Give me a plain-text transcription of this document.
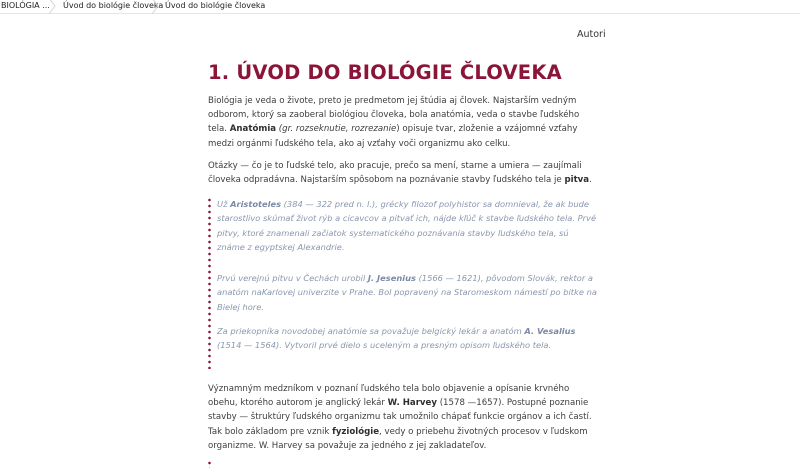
BIOLÓGIA ... Úvod do biológie človeka Úvod do biológie človeka
Autori
1. ÚVOD DO BIOLÓGIE ČLOVEKA

Biológia je veda o živote, preto je predmetom jej štúdia aj človek. Najstarším vedným odborom, ktorý sa zaoberal biológiou človeka, bola anatómia, veda o stavbe ľudského tela. Anatómia (gr. rozseknutie, rozrezanie) opisuje tvar, zloženie a vzájomné vzťahy medzi orgánmi ľudského tela, ako aj vzťahy voči organizmu ako celku.

Otázky — čo je to ľudské telo, ako pracuje, prečo sa mení, starne a umiera — zaujímali človeka odpradávna. Najstarším spôsobom na poznávanie stavby ľudského tela je pitva.

Už Aristoteles (384 — 322 pred n. l.), grécky filozof polyhistor sa domnieval, že ak bude starostlivo skúmať život rýb a cicavcov a pitvať ich, nájde kľúč k stavbe ľudského tela. Prvé pitvy, ktoré znamenali začiatok systematického poznávania stavby ľudského tela, sú známe z egyptskej Alexandrie.

Prvú verejnú pitvu v Čechách urobil J. Jesenius (1566 — 1621), pôvodom Slovák, rektor a anatóm naKarlovej univerzite v Prahe. Bol popravený na Staromeskom námestí po bitke na Bielej hore.

Za priekopníka novodobej anatómie sa považuje belgický lekár a anatóm A. Vesalius (1514 — 1564). Vytvoril prvé dielo s uceleným a presným opisom ľudského tela.

Významným medzníkom v poznaní ľudského tela bolo objavenie a opísanie krvného obehu, ktorého autorom je anglický lekár W. Harvey (1578 —1657). Postupné poznanie stavby — štruktúry ľudského organizmu tak umožnilo chápať funkcie orgánov a ich častí. Tak bolo základom pre vznik fyziológie, vedy o priebehu životných procesov v ľudskom organizme. W. Harvey sa považuje za jedného z jej zakladateľov.
